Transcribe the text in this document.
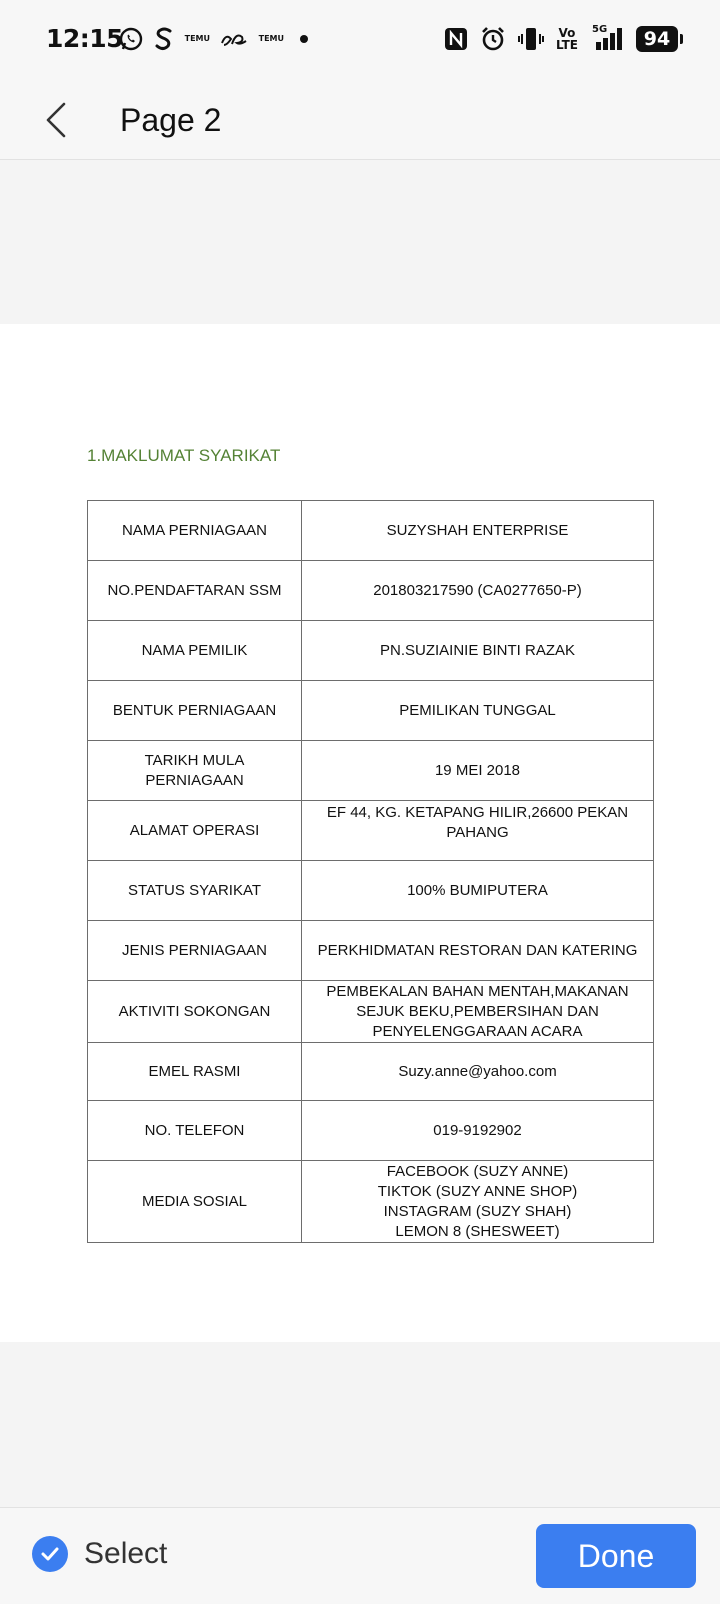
12:15	TEMU	TEMU	Vo
LTE
5G	94
Page 2
1.MAKLUMAT SYARIKAT
NAMA PERNIAGAAN	SUZYSHAH ENTERPRISE
NO.PENDAFTARAN SSM	201803217590 (CA0277650-P)
NAMA PEMILIK	PN.SUZIAINIE BINTI RAZAK
BENTUK PERNIAGAAN	PEMILIKAN TUNGGAL
TARIKH MULA PERNIAGAAN	19 MEI 2018
ALAMAT OPERASI	EF 44, KG. KETAPANG HILIR,26600 PEKAN
PAHANG

STATUS SYARIKAT	100% BUMIPUTERA
JENIS PERNIAGAAN	PERKHIDMATAN RESTORAN DAN KATERING
AKTIVITI SOKONGAN	PEMBEKALAN BAHAN MENTAH,MAKANAN
SEJUK BEKU,PEMBERSIHAN DAN
PENYELENGGARAAN ACARA

EMEL RASMI	Suzy.anne@yahoo.com
NO. TELEFON	019-9192902
MEDIA SOSIAL	FACEBOOK (SUZY ANNE)
TIKTOK (SUZY ANNE SHOP)
INSTAGRAM (SUZY SHAH)
LEMON 8 (SHESWEET)
Select	Done
